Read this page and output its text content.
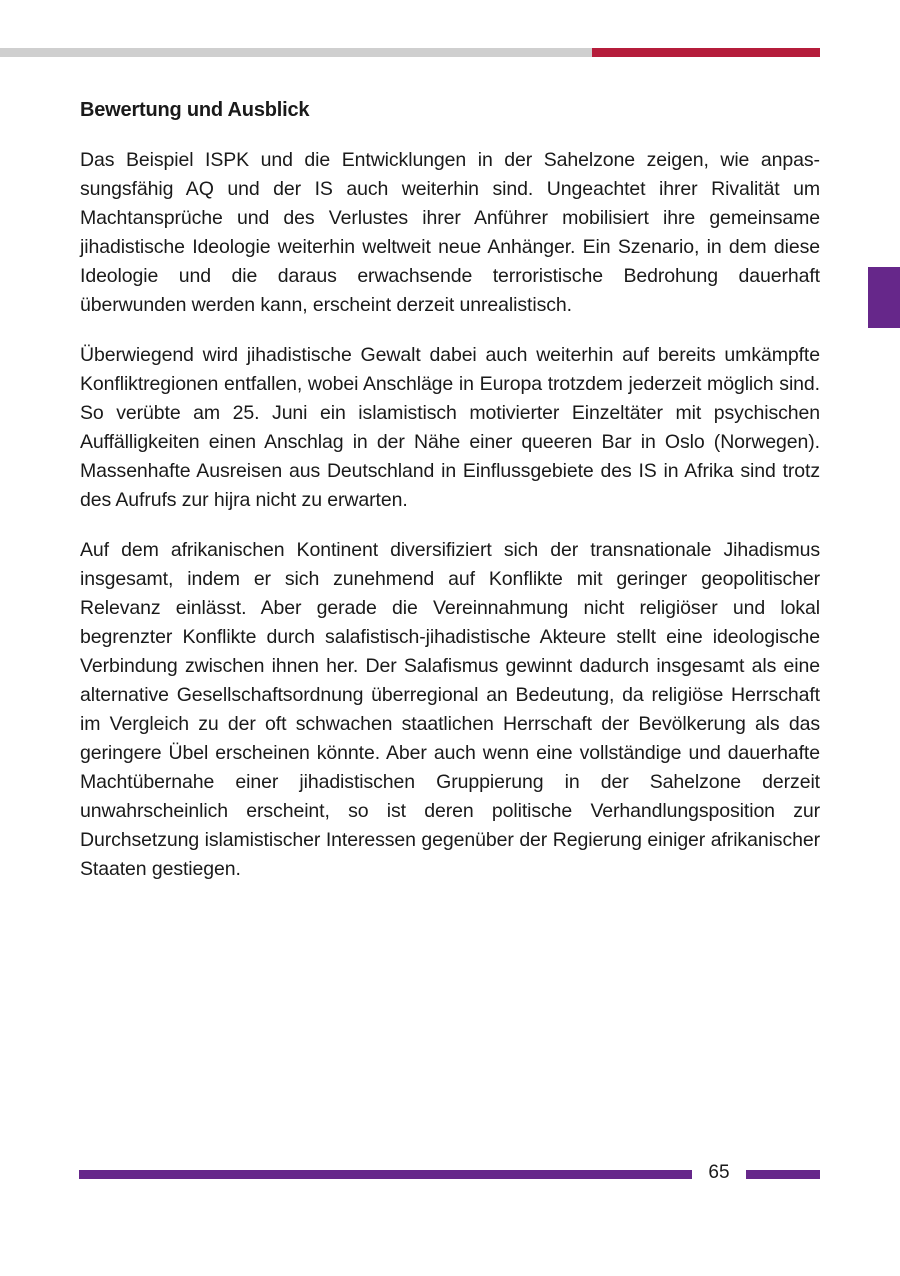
Bewertung und Ausblick

Das Beispiel ISPK und die Entwicklungen in der Sahelzone zeigen, wie anpassungsfähig AQ und der IS auch weiterhin sind. Ungeachtet ihrer Rivalität um Machtansprüche und des Verlustes ihrer Anführer mobilisiert ihre gemeinsame jihadistische Ideologie weiterhin weltweit neue Anhänger. Ein Szenario, in dem diese Ideologie und die daraus erwachsende terroristische Bedrohung dauerhaft überwunden werden kann, erscheint derzeit unrealistisch.

Überwiegend wird jihadistische Gewalt dabei auch weiterhin auf bereits umkämpfte Konfliktregionen entfallen, wobei Anschläge in Europa trotzdem jederzeit möglich sind. So verübte am 25. Juni ein islamistisch motivierter Einzeltäter mit psychischen Auffälligkeiten einen Anschlag in der Nähe einer queeren Bar in Oslo (Norwegen). Massenhafte Ausreisen aus Deutschland in Einflussgebiete des IS in Afrika sind trotz des Aufrufs zur hijra nicht zu erwarten.

Auf dem afrikanischen Kontinent diversifiziert sich der transnationale Jihadismus insgesamt, indem er sich zunehmend auf Konflikte mit geringer geopolitischer Relevanz einlässt. Aber gerade die Vereinnahmung nicht religiöser und lokal begrenzter Konflikte durch salafistisch-jihadistische Akteure stellt eine ideologische Verbindung zwischen ihnen her. Der Salafismus gewinnt dadurch insgesamt als eine alternative Gesellschaftsordnung überregional an Bedeutung, da religiöse Herrschaft im Vergleich zu der oft schwachen staatlichen Herrschaft der Bevölkerung als das geringere Übel erscheinen könnte. Aber auch wenn eine vollständige und dauerhafte Machtübernahe einer jihadistischen Gruppierung in der Sahelzone derzeit unwahrscheinlich erscheint, so ist deren politische Verhandlungsposition zur Durchsetzung islamistischer Interessen gegenüber der Regierung einiger afrikanischer Staaten gestiegen.

65
